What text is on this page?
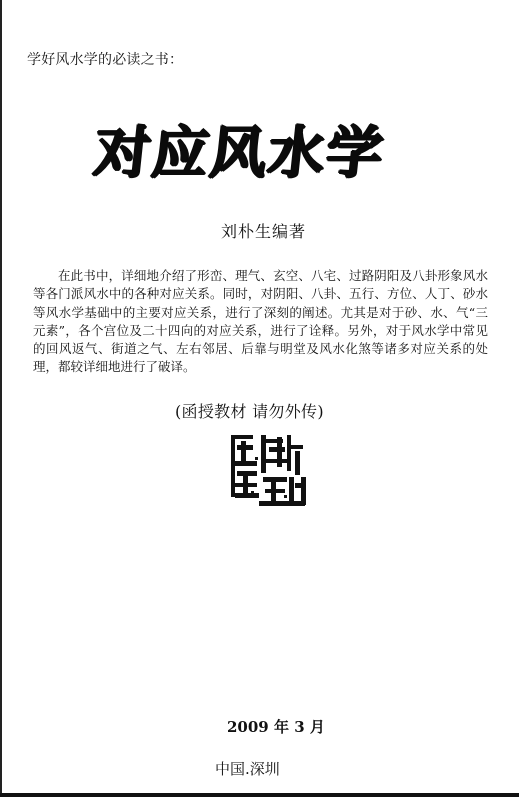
学好风水学的必读之书：
对应风水学
刘朴生编著

在此书中，详细地介绍了形峦、理气、玄空、八宅、过路阴阳及八卦形象风水等各门派风水中的各种对应关系。同时，对阴阳、八卦、五行、方位、人丁、砂水等风水学基础中的主要对应关系，进行了深刻的阐述。尤其是对于砂、水、气“三元素”，各个宫位及二十四向的对应关系，进行了诠释。另外，对于风水学中常见的回风返气、街道之气、左右邻居、后靠与明堂及风水化煞等诸多对应关系的处理，都较详细地进行了破译。

(函授教材 请勿外传)
2009 年 3 月
中国.深圳
